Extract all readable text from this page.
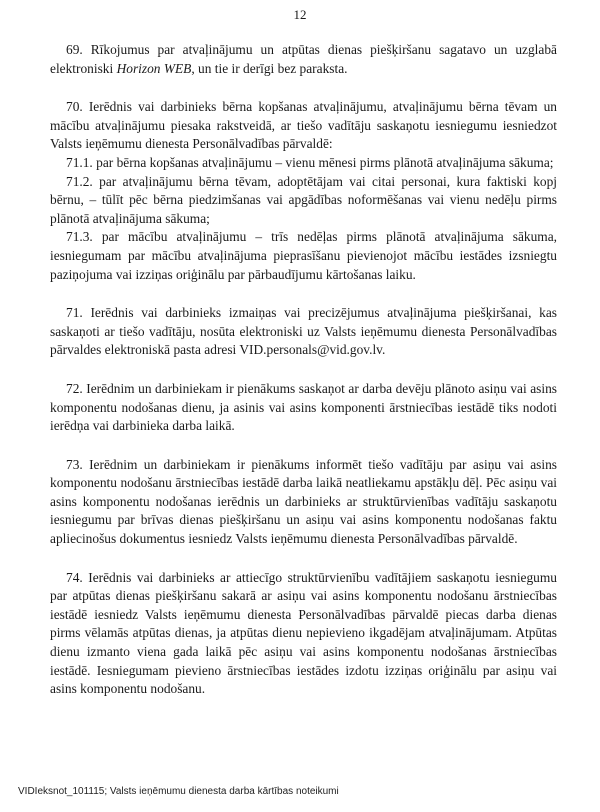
12

69. Rīkojumus par atvaļinājumu un atpūtas dienas piešķiršanu sagatavo un uzglabā elektroniski Horizon WEB, un tie ir derīgi bez paraksta.

70. Ierēdnis vai darbinieks bērna kopšanas atvaļinājumu, atvaļinājumu bērna tēvam un mācību atvaļinājumu piesaka rakstveidā, ar tiešo vadītāju saskaņotu iesniegumu iesniedzot Valsts ieņēmumu dienesta Personālvadības pārvaldē:

71.1. par bērna kopšanas atvaļinājumu – vienu mēnesi pirms plānotā atvaļinājuma sākuma;

71.2. par atvaļinājumu bērna tēvam, adoptētājam vai citai personai, kura faktiski kopj bērnu, – tūlīt pēc bērna piedzimšanas vai apgādības noformēšanas vai vienu nedēļu pirms plānotā atvaļinājuma sākuma;

71.3. par mācību atvaļinājumu – trīs nedēļas pirms plānotā atvaļinājuma sākuma, iesniegumam par mācību atvaļinājuma pieprasīšanu pievienojot mācību iestādes izsniegtu paziņojuma vai izziņas oriģinālu par pārbaudījumu kārtošanas laiku.

71. Ierēdnis vai darbinieks izmaiņas vai precizējumus atvaļinājuma piešķiršanai, kas saskaņoti ar tiešo vadītāju, nosūta elektroniski uz Valsts ieņēmumu dienesta Personālvadības pārvaldes elektroniskā pasta adresi VID.personals@vid.gov.lv.

72. Ierēdnim un darbiniekam ir pienākums saskaņot ar darba devēju plānoto asiņu vai asins komponentu nodošanas dienu, ja asinis vai asins komponenti ārstniecības iestādē tiks nodoti ierēdņa vai darbinieka darba laikā.

73. Ierēdnim un darbiniekam ir pienākums informēt tiešo vadītāju par asiņu vai asins komponentu nodošanu ārstniecības iestādē darba laikā neatliekamu apstākļu dēļ. Pēc asiņu vai asins komponentu nodošanas ierēdnis un darbinieks ar struktūrvienības vadītāju saskaņotu iesniegumu par brīvas dienas piešķiršanu un asiņu vai asins komponentu nodošanas faktu apliecinošus dokumentus iesniedz Valsts ieņēmumu dienesta Personālvadības pārvaldē.

74. Ierēdnis vai darbinieks ar attiecīgo struktūrvienību vadītājiem saskaņotu iesniegumu par atpūtas dienas piešķiršanu sakarā ar asiņu vai asins komponentu nodošanu ārstniecības iestādē iesniedz Valsts ieņēmumu dienesta Personālvadības pārvaldē piecas darba dienas pirms vēlamās atpūtas dienas, ja atpūtas dienu nepievieno ikgadējam atvaļinājumam. Atpūtas dienu izmanto viena gada laikā pēc asiņu vai asins komponentu nodošanas ārstniecības iestādē. Iesniegumam pievieno ārstniecības iestādes izdotu izziņas oriģinālu par asiņu vai asins komponentu nodošanu.

VIDIeksnot_101115; Valsts ieņēmumu dienesta darba kārtības noteikumi
